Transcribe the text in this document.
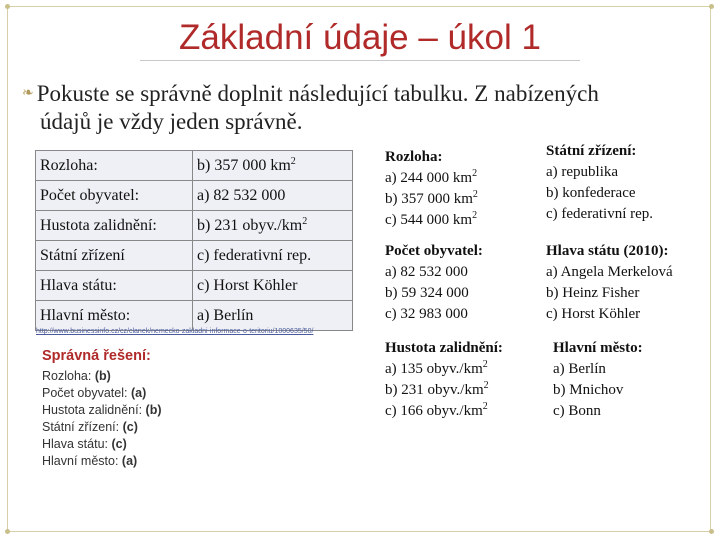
Základní údaje – úkol 1
❧ Pokuste se správně doplnit následující tabulku. Z nabízených
údajů je vždy jeden správně.
Rozloha:	b) 357 000 $km^2$
Počet obyvatel:	a) 82 532 000
Hustota zalidnění:	b) 231 $obyv./km^2$
Státní zřízení	c) federativní rep.
Hlava státu:	c) Horst Köhler
Hlavní město:	a) Berlín
http://www.businessinfo.cz/cz/clanek/nemecko-zakladni-informace-o-teritoriu/1000635/50/
Správná řešení:
Rozloha: (b)
Počet obyvatel: (a)
Hustota zalidnění: (b)
Státní zřízení: (c)
Hlava státu: (c)
Hlavní město: (a)
Rozloha:
a) 244 000 $km^2$
b) 357 000 $km^2$
c) 544 000 $km^2$
Státní zřízení:
a) republika
b) konfederace
c) federativní rep.
Počet obyvatel:
a) 82 532 000
b) 59 324 000
c) 32 983 000
Hlava státu (2010):
a) Angela Merkelová
b) Heinz Fisher
c) Horst Köhler
Hustota zalidnění:
a) 135 $obyv./km^2$
b) 231 $obyv./km^2$
c) 166 $obyv./km^2$
Hlavní město:
a) Berlín
b) Mnichov
c) Bonn
